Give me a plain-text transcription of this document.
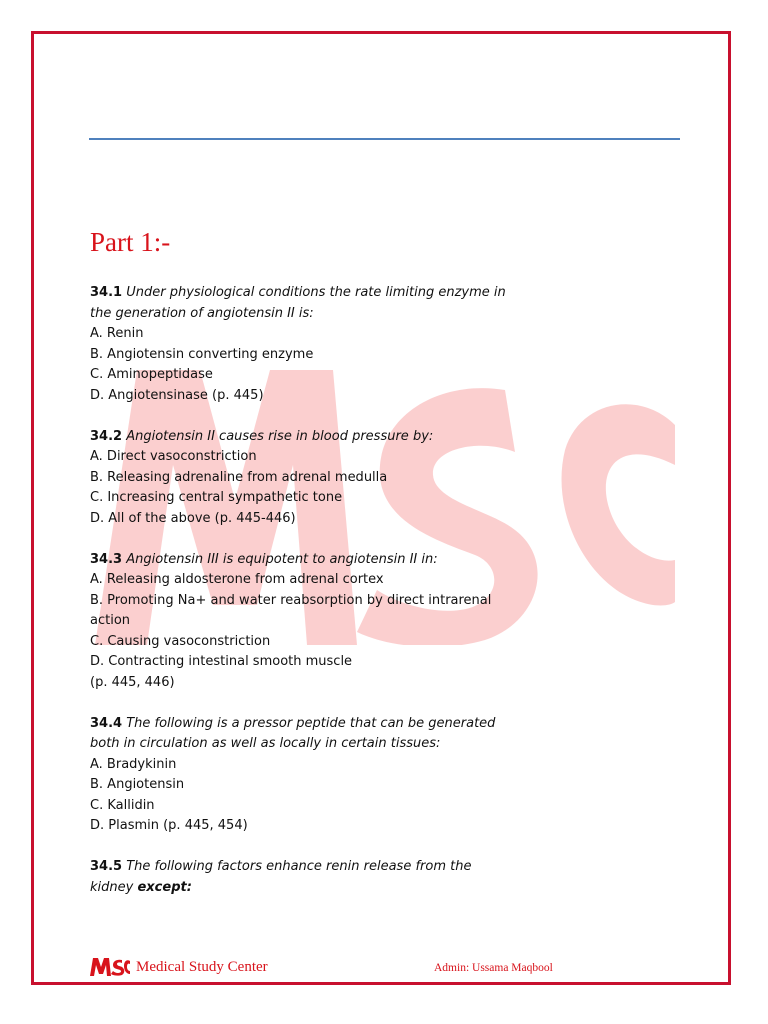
Part 1:-
34.1 Under physiological conditions the rate limiting enzyme in the generation of angiotensin II is:
A. Renin
B. Angiotensin converting enzyme
C. Aminopeptidase
D. Angiotensinase (p. 445)
34.2 Angiotensin II causes rise in blood pressure by:
A. Direct vasoconstriction
B. Releasing adrenaline from adrenal medulla
C. Increasing central sympathetic tone
D. All of the above (p. 445-446)
34.3 Angiotensin III is equipotent to angiotensin II in:
A. Releasing aldosterone from adrenal cortex
B. Promoting Na+ and water reabsorption by direct intrarenal action
C. Causing vasoconstriction
D. Contracting intestinal smooth muscle
(p. 445, 446)
34.4 The following is a pressor peptide that can be generated both in circulation as well as locally in certain tissues:
A. Bradykinin
B. Angiotensin
C. Kallidin
D. Plasmin (p. 445, 454)
34.5 The following factors enhance renin release from the kidney except:
Medical Study Center	Admin: Ussama Maqbool
